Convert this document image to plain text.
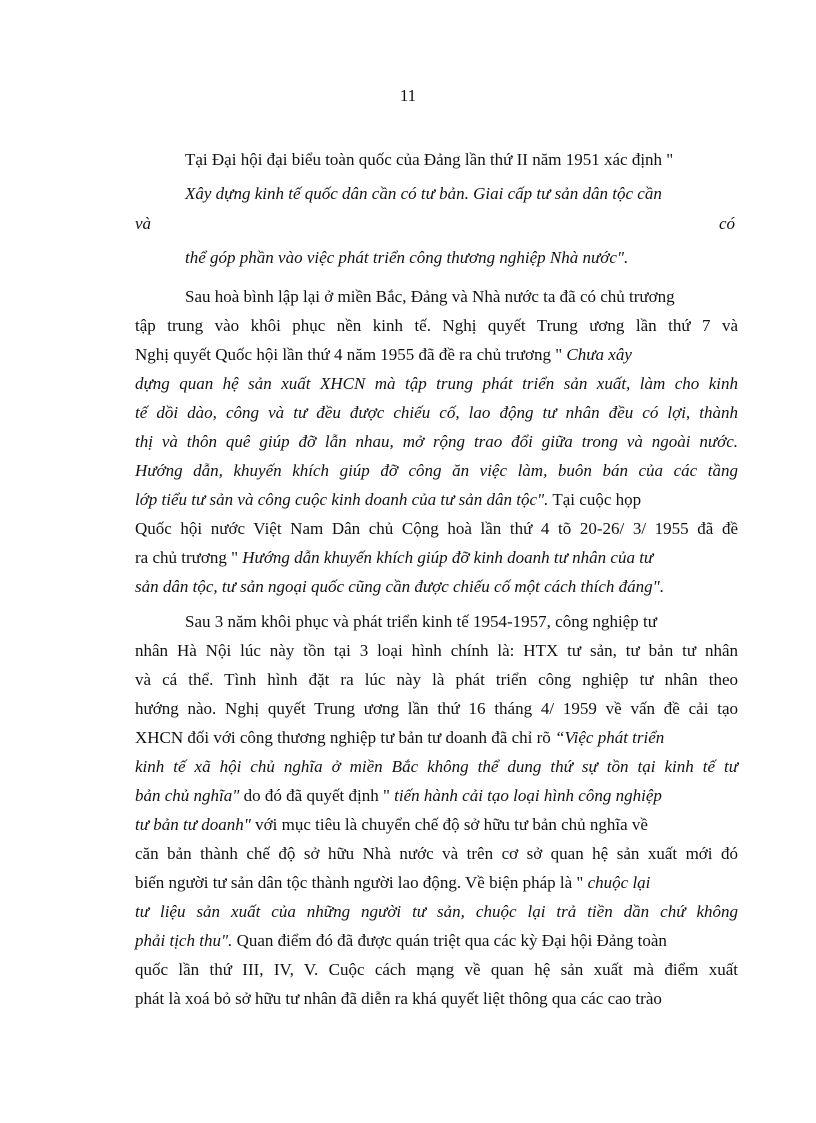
11
Tại Đại hội đại biểu toàn quốc của Đảng lần thứ II năm 1951 xác định "
Xây dựng kinh tế quốc dân cần có tư bản. Giai cấp tư sản dân tộc cần
và	có
thể góp phần vào việc phát triển công thương nghiệp Nhà nước".
Sau hoà bình lập lại ở miền Bắc, Đảng và Nhà nước ta đã có chủ trương
tập trung vào khôi phục nền kinh tế. Nghị quyết Trung ương lần thứ 7 và
Nghị quyết Quốc hội lần thứ 4 năm 1955 đã đề ra chủ trương " Chưa xây
dựng quan hệ sản xuất XHCN mà tập trung phát triển sản xuất, làm cho kinh
tế dồi dào, công và tư đều được chiếu cố, lao động tư nhân đều có lợi, thành
thị và thôn quê giúp đỡ lẫn nhau, mở rộng trao đổi giữa trong và ngoài nước.
Hướng dẫn, khuyến khích giúp đỡ công ăn việc làm, buôn bán của các tầng
lớp tiểu tư sản và công cuộc kinh doanh của tư sản dân tộc". Tại cuộc họp
Quốc hội nước Việt Nam Dân chủ Cộng hoà lần thứ 4 tõ 20-26/ 3/ 1955 đã đề
ra chủ trương " Hướng dẫn khuyến khích giúp đỡ kinh doanh tư nhân của tư
sản dân tộc, tư sản ngoại quốc cũng cần được chiếu cố một cách thích đáng".
Sau 3 năm khôi phục và phát triển kinh tế 1954-1957, công nghiệp tư
nhân Hà Nội lúc này tồn tại 3 loại hình chính là: HTX tư sản, tư bản tư nhân
và cá thể. Tình hình đặt ra lúc này là phát triển công nghiệp tư nhân theo
hướng nào. Nghị quyết Trung ương lần thứ 16 tháng 4/ 1959 về vấn đề cải tạo
XHCN đối với công thương nghiệp tư bản tư doanh đã chỉ rõ “Việc phát triển
kinh tế xã hội chủ nghĩa ở miền Bắc không thể dung thứ sự tồn tại kinh tế tư
bản chủ nghĩa" do đó đã quyết định " tiến hành cải tạo loại hình công nghiệp
tư bản tư doanh" với mục tiêu là chuyển chế độ sở hữu tư bản chủ nghĩa về
căn bản thành chế độ sở hữu Nhà nước và trên cơ sở quan hệ sản xuất mới đó
biến người tư sản dân tộc thành người lao động. Về biện pháp là " chuộc lại
tư liệu sản xuất của những người tư sản, chuộc lại trả tiền dần chứ không
phải tịch thu". Quan điểm đó đã được quán triệt qua các kỳ Đại hội Đảng toàn
quốc lần thứ III, IV, V. Cuộc cách mạng về quan hệ sản xuất mà điểm xuất
phát là xoá bỏ sở hữu tư nhân đã diễn ra khá quyết liệt thông qua các cao trào
